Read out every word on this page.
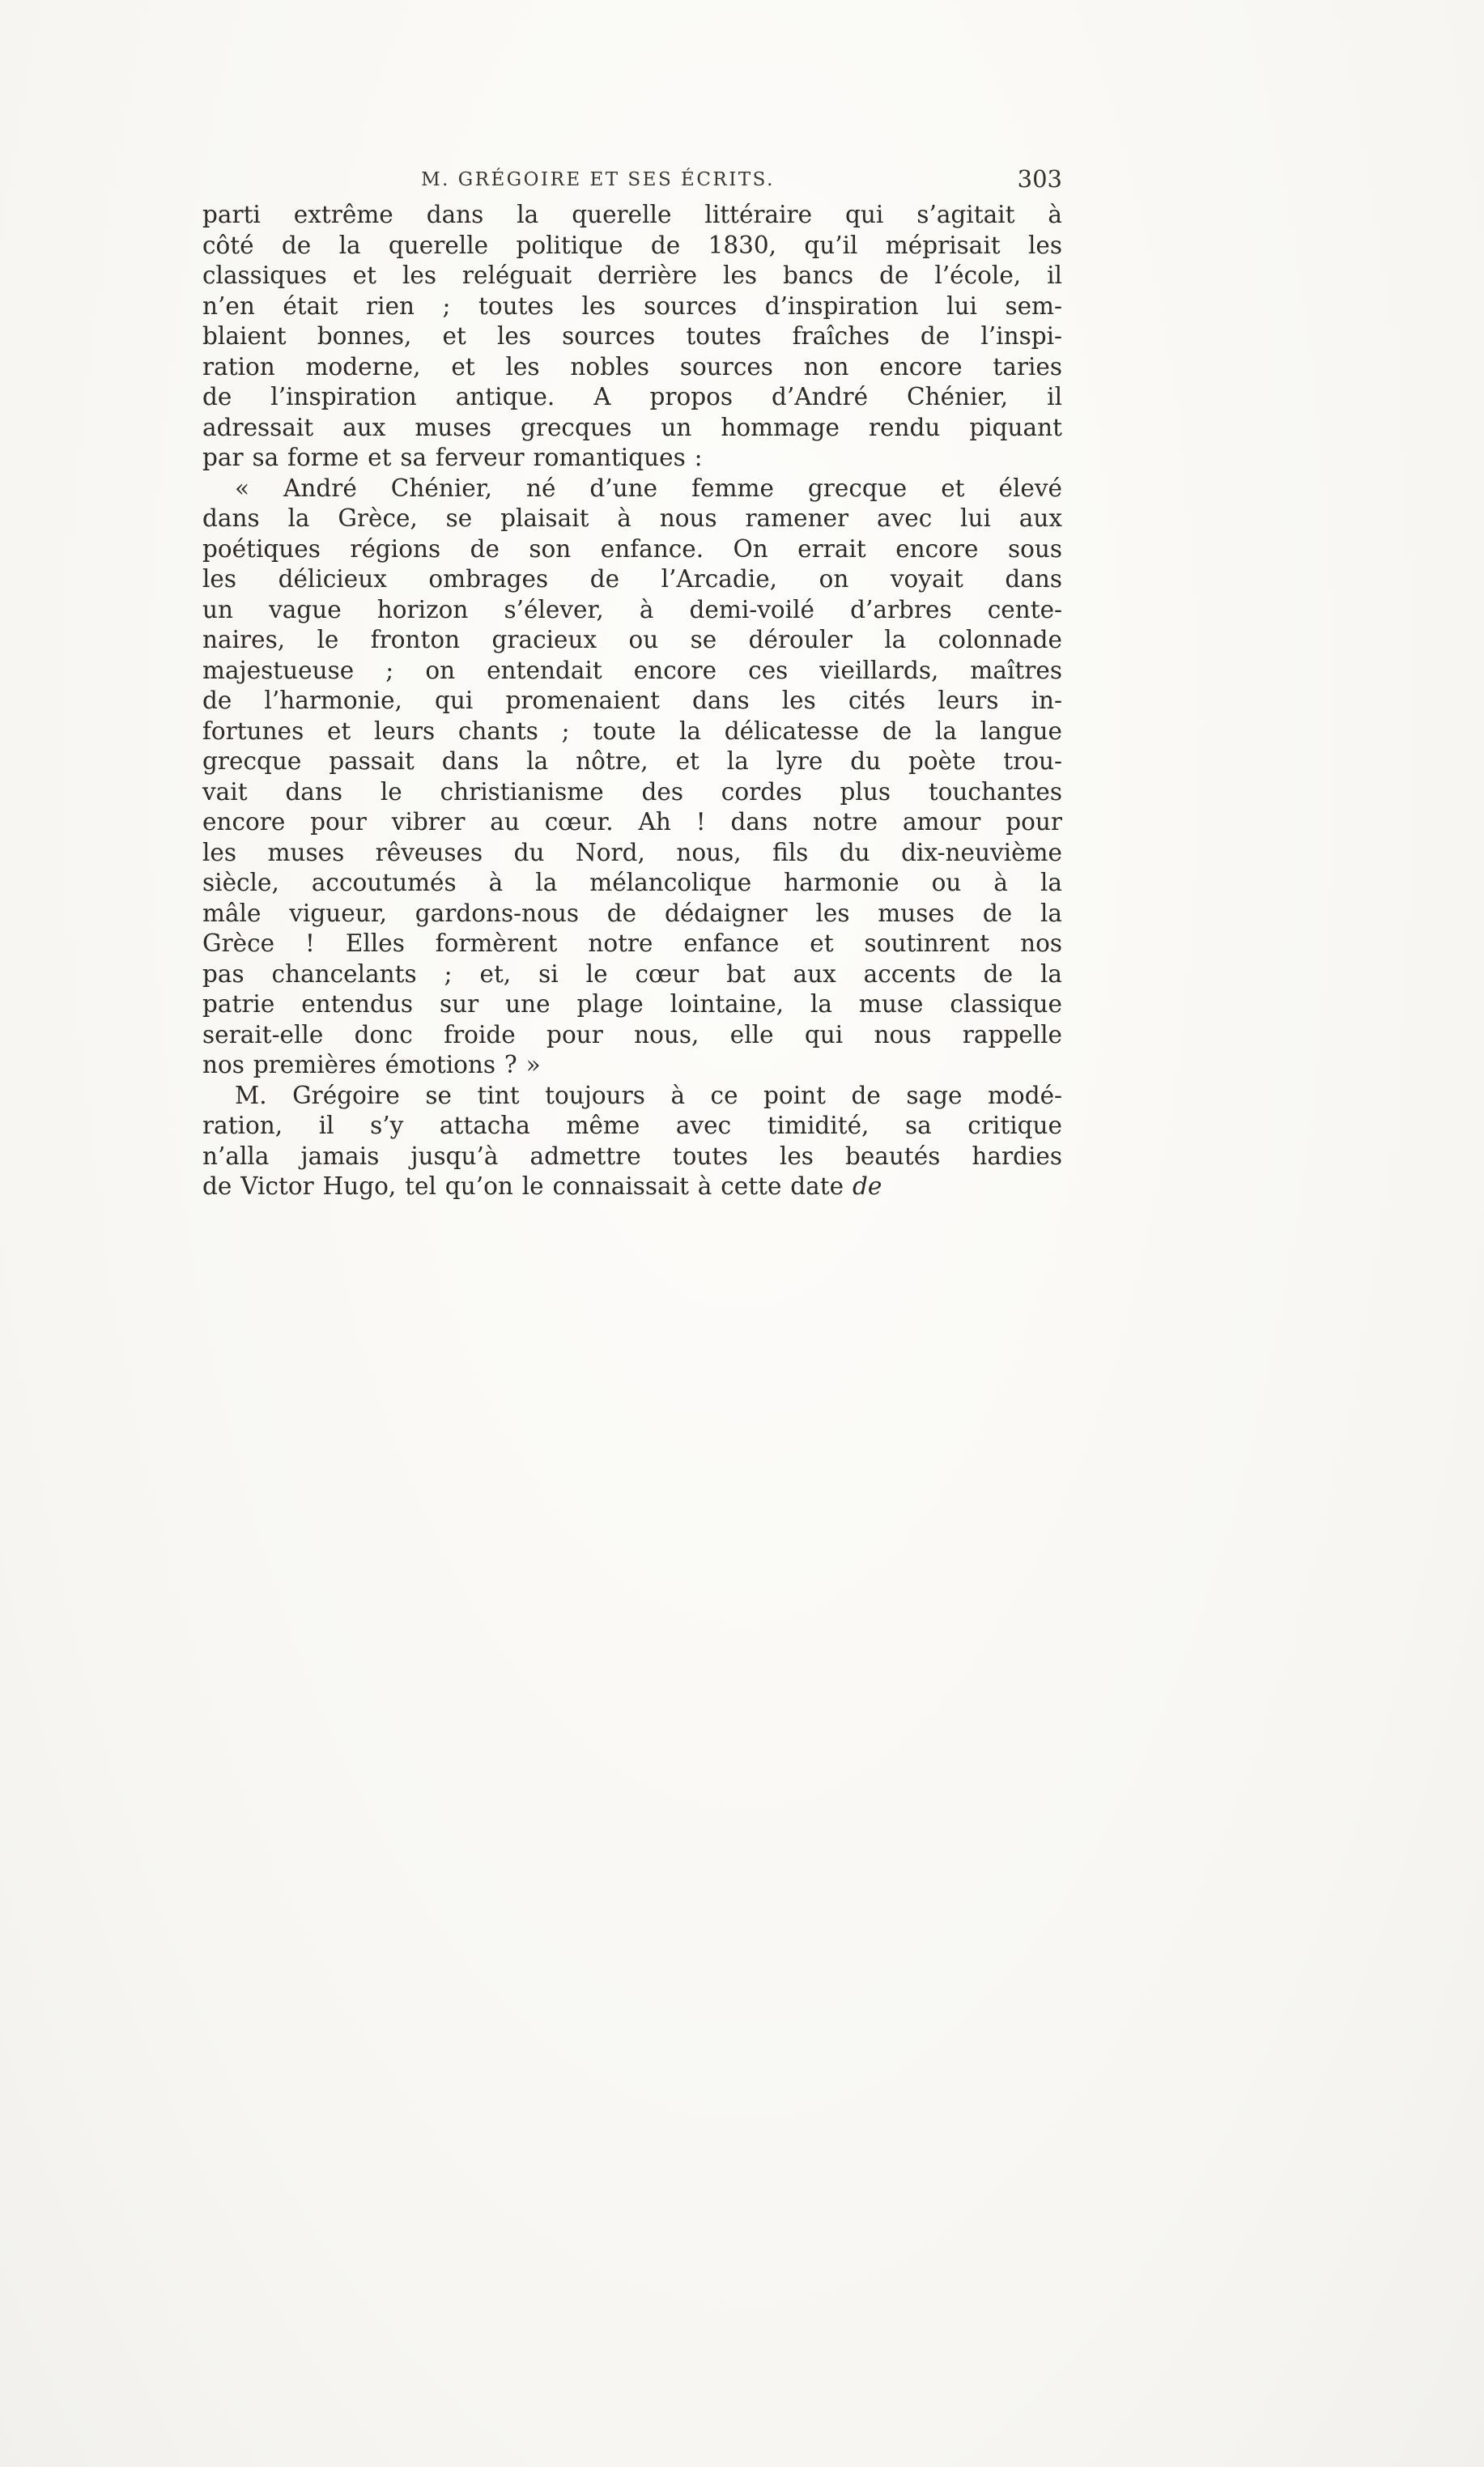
M. GRÉGOIRE ET SES ÉCRITS.	303
parti extrême dans la querelle littéraire qui s’agitait à
côté de la querelle politique de 1830, qu’il méprisait les
classiques et les reléguait derrière les bancs de l’école, il
n’en était rien ; toutes les sources d’inspiration lui sem-
blaient bonnes, et les sources toutes fraîches de l’inspi-
ration moderne, et les nobles sources non encore taries
de l’inspiration antique. A propos d’André Chénier, il
adressait aux muses grecques un hommage rendu piquant
par sa forme et sa ferveur romantiques :
« André Chénier, né d’une femme grecque et élevé
dans la Grèce, se plaisait à nous ramener avec lui aux
poétiques régions de son enfance. On errait encore sous
les délicieux ombrages de l’Arcadie, on voyait dans
un vague horizon s’élever, à demi-voilé d’arbres cente-
naires, le fronton gracieux ou se dérouler la colonnade
majestueuse ; on entendait encore ces vieillards, maîtres
de l’harmonie, qui promenaient dans les cités leurs in-
fortunes et leurs chants ; toute la délicatesse de la langue
grecque passait dans la nôtre, et la lyre du poète trou-
vait dans le christianisme des cordes plus touchantes
encore pour vibrer au cœur. Ah ! dans notre amour pour
les muses rêveuses du Nord, nous, fils du dix-neuvième
siècle, accoutumés à la mélancolique harmonie ou à la
mâle vigueur, gardons-nous de dédaigner les muses de la
Grèce ! Elles formèrent notre enfance et soutinrent nos
pas chancelants ; et, si le cœur bat aux accents de la
patrie entendus sur une plage lointaine, la muse classique
serait-elle donc froide pour nous, elle qui nous rappelle
nos premières émotions ? »
M. Grégoire se tint toujours à ce point de sage modé-
ration, il s’y attacha même avec timidité, sa critique
n’alla jamais jusqu’à admettre toutes les beautés hardies
de Victor Hugo, tel qu’on le connaissait à cette date de
